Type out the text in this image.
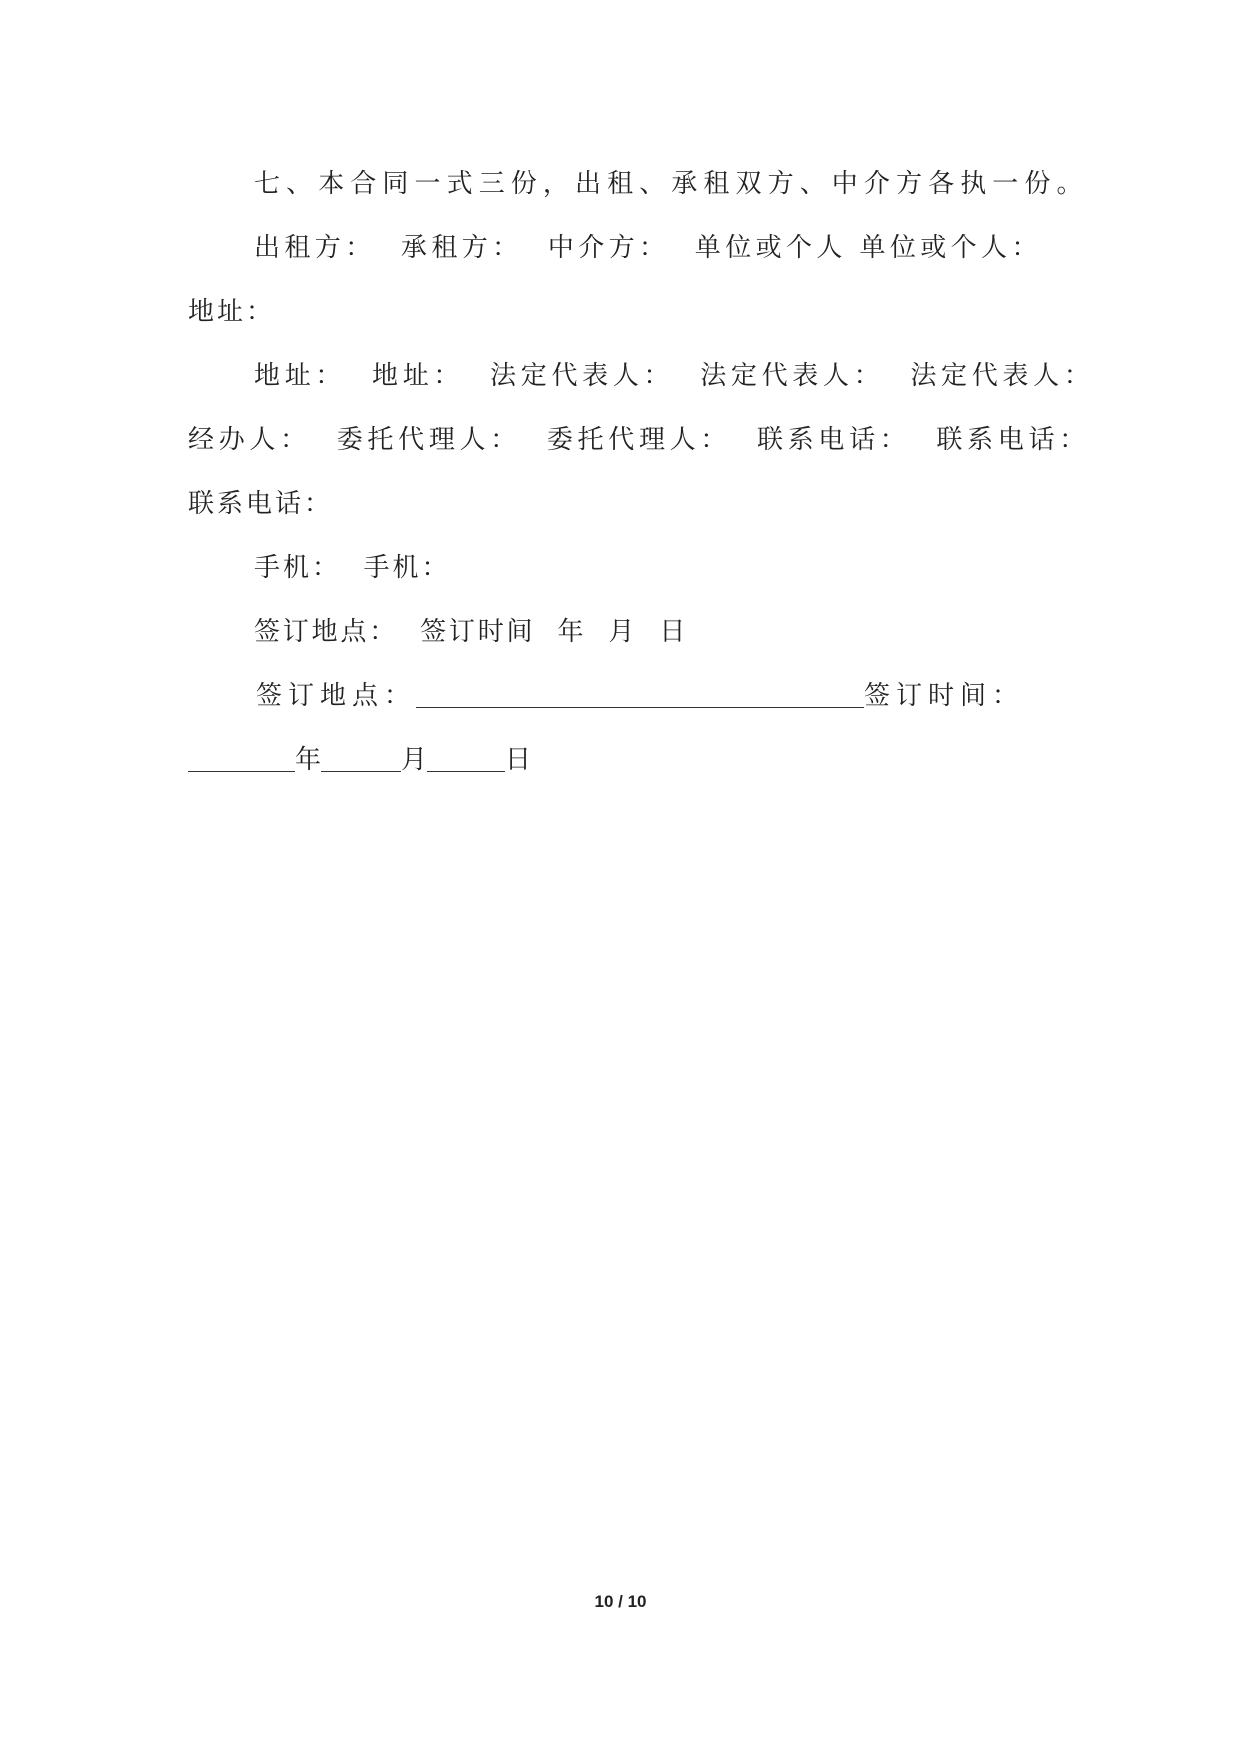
七、本合同一式三份，出租、承租双方、中介方各执一份。

出租方：  承租方：  中介方：  单位或个人 单位或个人：

地址：

地址：  地址：  法定代表人：  法定代表人：  法定代表人：

经办人：  委托代理人：  委托代理人：  联系电话：  联系电话：

联系电话：

手机：  手机：

签订地点：  签订时间  年  月  日

签订地点：	签订时间：
年	月	日
10 / 10
